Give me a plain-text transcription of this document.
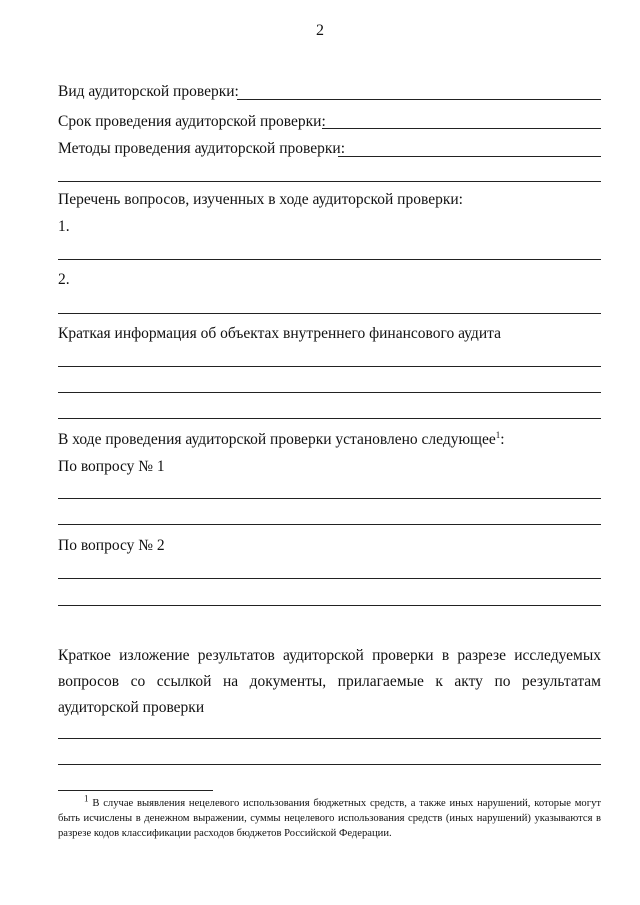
2
Вид аудиторской проверки:
Срок проведения аудиторской проверки:
Методы проведения аудиторской проверки:
Перечень вопросов, изученных в ходе аудиторской проверки:
1.
2.
Краткая информация об объектах внутреннего финансового аудита
В ходе проведения аудиторской проверки установлено следующее$^1$:
По вопросу № 1
По вопросу № 2
Краткое изложение результатов аудиторской проверки в разрезе исследуемых вопросов со ссылкой на документы, прилагаемые к акту по результатам аудиторской проверки
$^1$ В случае выявления нецелевого использования бюджетных средств, а также иных нарушений, которые могут быть исчислены в денежном выражении, суммы нецелевого использования средств (иных нарушений) указываются в разрезе кодов классификации расходов бюджетов Российской Федерации.
